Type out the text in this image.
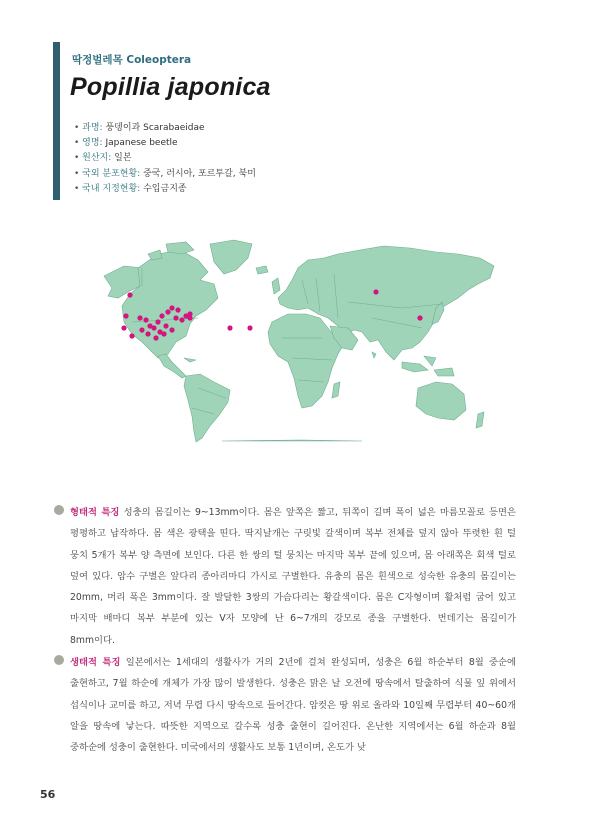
딱정벌레목 Coleoptera
Popillia japonica
• 과명: 풍뎅이과 Scarabaeidae
• 영명: Japanese beetle
• 원산지: 일본
• 국외 분포현황: 중국, 러시아, 포르투갈, 북미
• 국내 지정현황: 수입금지종

형태적 특징 성충의 몸길이는 9~13mm이다. 몸은 앞쪽은 짧고, 뒤쪽이 길며 폭이 넓은 마름모꼴로 등면은 평평하고 납작하다. 몸 색은 광택을 띤다. 딱지날개는 구릿빛 갈색이며 복부 전체를 덮지 않아 뚜렷한 흰 털 뭉치 5개가 복부 양 측면에 보인다. 다른 한 쌍의 털 뭉치는 마지막 복부 끝에 있으며, 몸 아래쪽은 회색 털로 덮여 있다. 암수 구별은 앞다리 종아리마디 가시로 구별한다. 유충의 몸은 흰색으로 성숙한 유충의 몸길이는 20mm, 머리 폭은 3mm이다. 잘 발달한 3쌍의 가슴다리는 황갈색이다. 몸은 C자형이며 활처럼 굽어 있고 마지막 배마디 복부 부분에 있는 V자 모양에 난 6~7개의 강모로 종을 구별한다. 번데기는 몸길이가 8mm이다.

생태적 특징 일본에서는 1세대의 생활사가 거의 2년에 걸쳐 완성되며, 성충은 6월 하순부터 8월 중순에 출현하고, 7월 하순에 개체가 가장 많이 발생한다. 성충은 맑은 날 오전에 땅속에서 탈출하여 식물 잎 위에서 섭식이나 교미를 하고, 저녁 무렵 다시 땅속으로 들어간다. 암컷은 땅 위로 올라와 10일째 무렵부터 40~60개 알을 땅속에 낳는다. 따뜻한 지역으로 갈수록 성충 출현이 길어진다. 온난한 지역에서는 6월 하순과 8월 중하순에 성충이 출현한다. 미국에서의 생활사도 보통 1년이며, 온도가 낮

56
